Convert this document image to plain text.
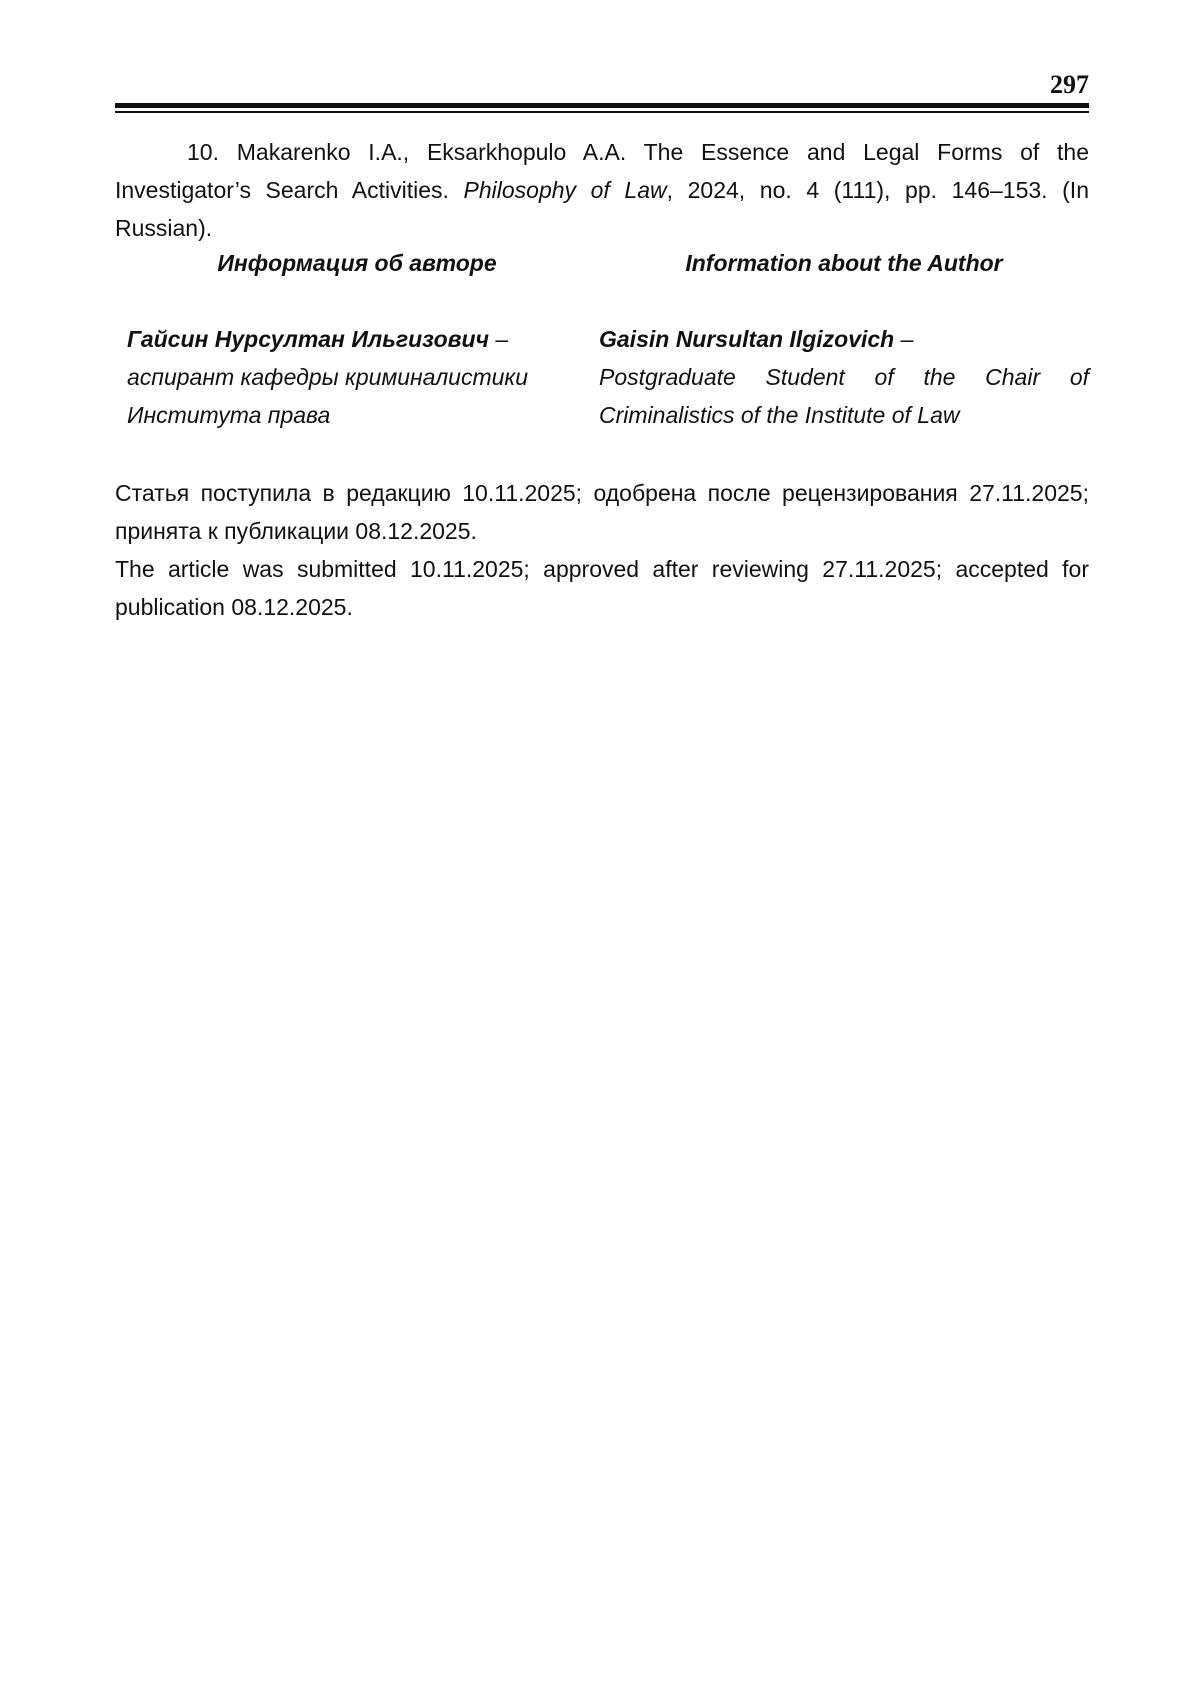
297

10. Makarenko I.A., Eksarkhopulo A.A. The Essence and Legal Forms of the Investigator’s Search Activities. Philosophy of Law, 2024, no. 4 (111), pp. 146–153. (In Russian).

Информация об авторе

Гайсин Нурсултан Ильгизович –
аспирант кафедры криминалистики Института права

Information about the Author

Gaisin Nursultan Ilgizovich –
Postgraduate Student of the Chair of Criminalistics of the Institute of Law

Статья поступила в редакцию 10.11.2025; одобрена после рецензирования 27.11.2025; принята к публикации 08.12.2025.

The article was submitted 10.11.2025; approved after reviewing 27.11.2025; accepted for publication 08.12.2025.
